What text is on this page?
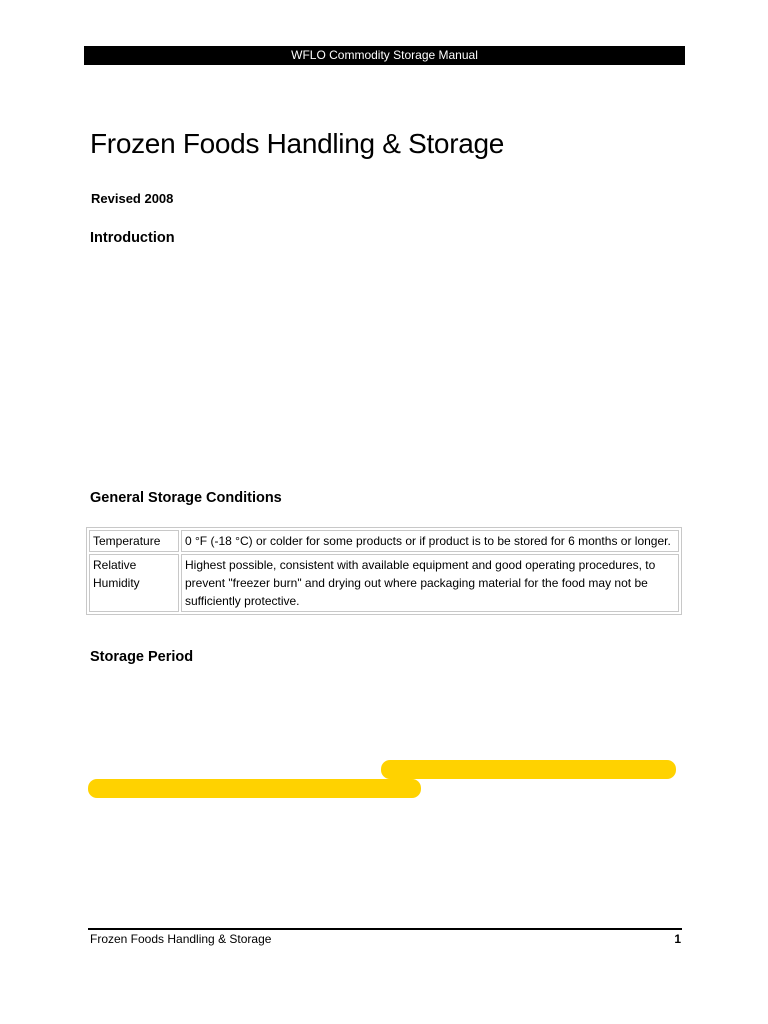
WFLO Commodity Storage Manual
Frozen Foods Handling & Storage
Revised 2008
Introduction
General Storage Conditions
Temperature	0 °F (-18 °C) or colder for some products or if product is to be stored for 6 months or longer.
Relative Humidity	Highest possible, consistent with available equipment and good operating procedures, to prevent "freezer burn" and drying out where packaging material for the food may not be sufficiently protective.
Storage Period
Frozen Foods Handling & Storage	1
